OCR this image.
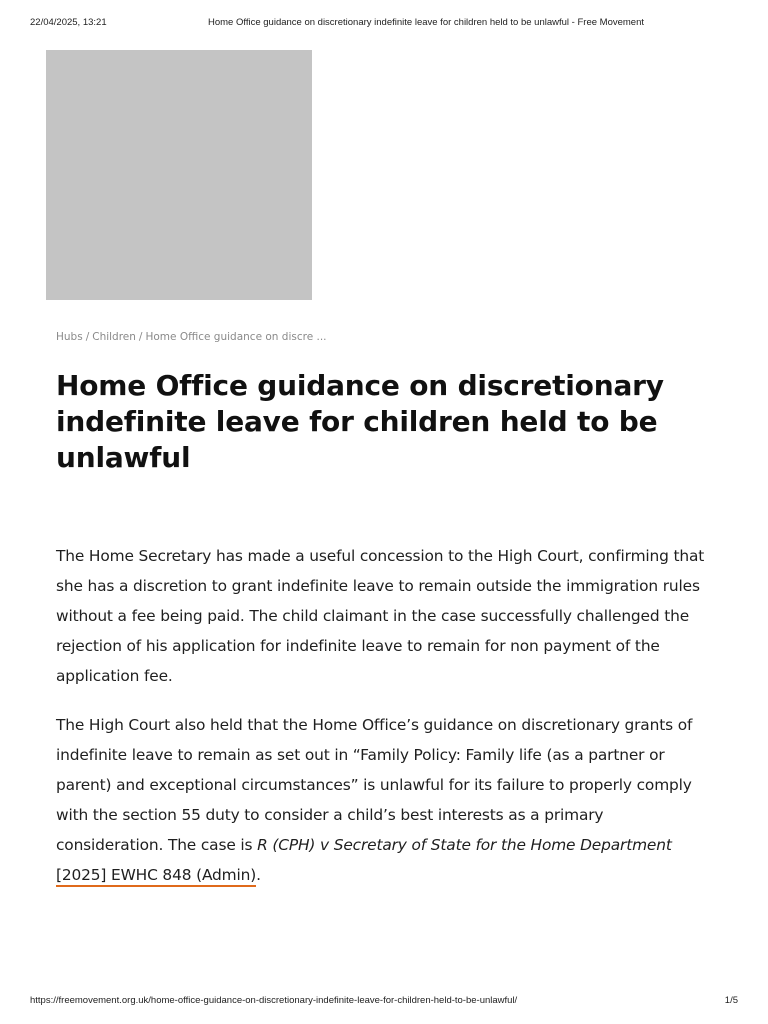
22/04/2025, 13:21	Home Office guidance on discretionary indefinite leave for children held to be unlawful - Free Movement
Hubs / Children / Home Office guidance on discre ...
Home Office guidance on discretionary indefinite leave for children held to be unlawful

The Home Secretary has made a useful concession to the High Court, confirming that she has a discretion to grant indefinite leave to remain outside the immigration rules without a fee being paid. The child claimant in the case successfully challenged the rejection of his application for indefinite leave to remain for non payment of the application fee.

The High Court also held that the Home Office’s guidance on discretionary grants of indefinite leave to remain as set out in “Family Policy: Family life (as a partner or parent) and exceptional circumstances” is unlawful for its failure to properly comply with the section 55 duty to consider a child’s best interests as a primary consideration. The case is R (CPH) v Secretary of State for the Home Department
[2025] EWHC 848 (Admin).

https://freemovement.org.uk/home-office-guidance-on-discretionary-indefinite-leave-for-children-held-to-be-unlawful/	1/5
